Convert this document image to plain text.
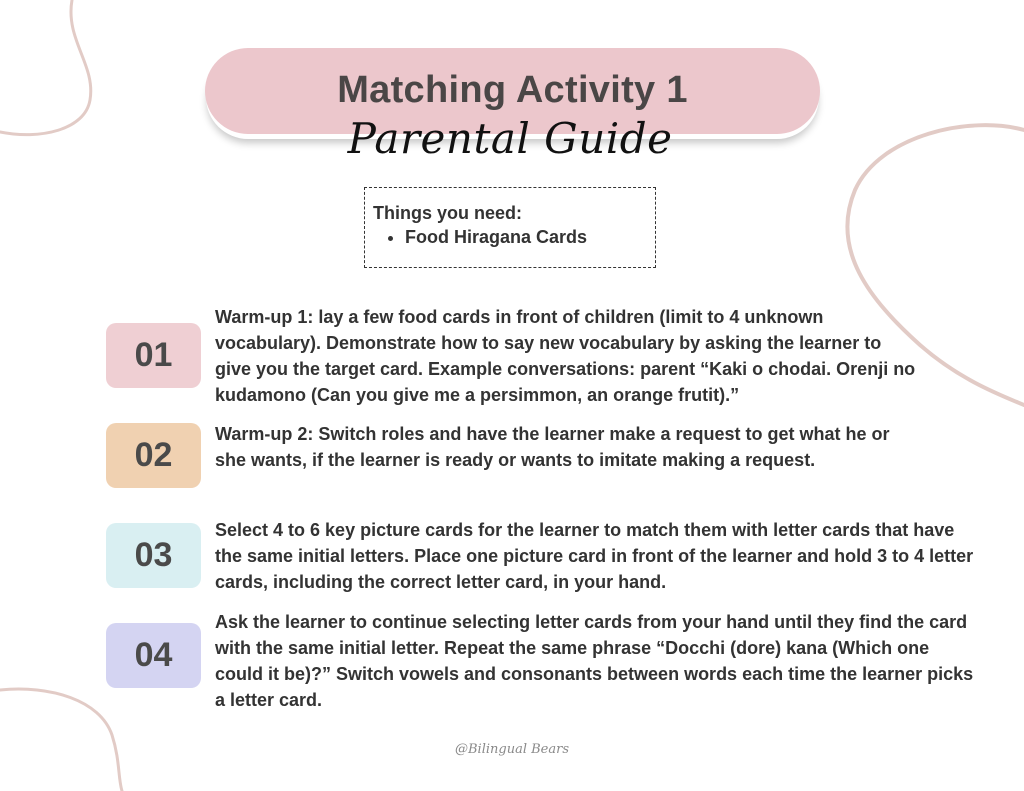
Matching Activity 1
Parental Guide
Things you need:
• Food Hiragana Cards
01
Warm-up 1: lay a few food cards in front of children (limit to 4 unknown vocabulary). Demonstrate how to say new vocabulary by asking the learner to give you the target card. Example conversations: parent “Kaki o chodai. Orenji no kudamono (Can you give me a persimmon, an orange frutit).”
02
Warm-up 2: Switch roles and have the learner make a request to get what he or she wants, if the learner is ready or wants to imitate making a request.
03
Select 4 to 6 key picture cards for the learner to match them with letter cards that have the same initial letters. Place one picture card in front of the learner and hold 3 to 4 letter cards, including the correct letter card, in your hand.
04
Ask the learner to continue selecting letter cards from your hand until they find the card with the same initial letter. Repeat the same phrase “Docchi (dore) kana (Which one could it be)?” Switch vowels and consonants between words each time the learner picks a letter card.
@Bilingual Bears
